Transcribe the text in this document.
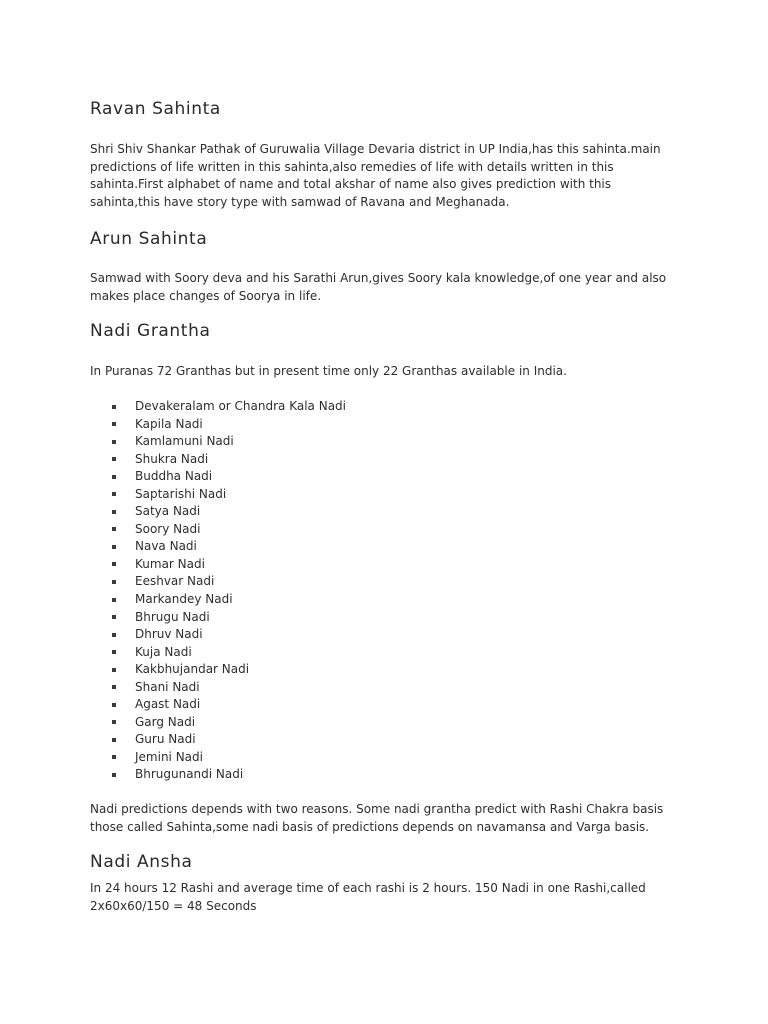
Ravan Sahinta

Shri Shiv Shankar Pathak of Guruwalia Village Devaria district in UP India,has this sahinta.main predictions of life written in this sahinta,also remedies of life with details written in this sahinta.First alphabet of name and total akshar of name also gives prediction with this sahinta,this have story type with samwad of Ravana and Meghanada.

Arun Sahinta

Samwad with Soory deva and his Sarathi Arun,gives Soory kala knowledge,of one year and also makes place changes of Soorya in life.

Nadi Grantha

In Puranas 72 Granthas but in present time only 22 Granthas available in India.

Devakeralam or Chandra Kala Nadi
Kapila Nadi
Kamlamuni Nadi
Shukra Nadi
Buddha Nadi
Saptarishi Nadi
Satya Nadi
Soory Nadi
Nava Nadi
Kumar Nadi
Eeshvar Nadi
Markandey Nadi
Bhrugu Nadi
Dhruv Nadi
Kuja Nadi
Kakbhujandar Nadi
Shani Nadi
Agast Nadi
Garg Nadi
Guru Nadi
Jemini Nadi
Bhrugunandi Nadi

Nadi predictions depends with two reasons. Some nadi grantha predict with Rashi Chakra basis those called Sahinta,some nadi basis of predictions depends on navamansa and Varga basis.

Nadi Ansha

In 24 hours 12 Rashi and average time of each rashi is 2 hours. 150 Nadi in one Rashi,called 2x60x60/150 = 48 Seconds
